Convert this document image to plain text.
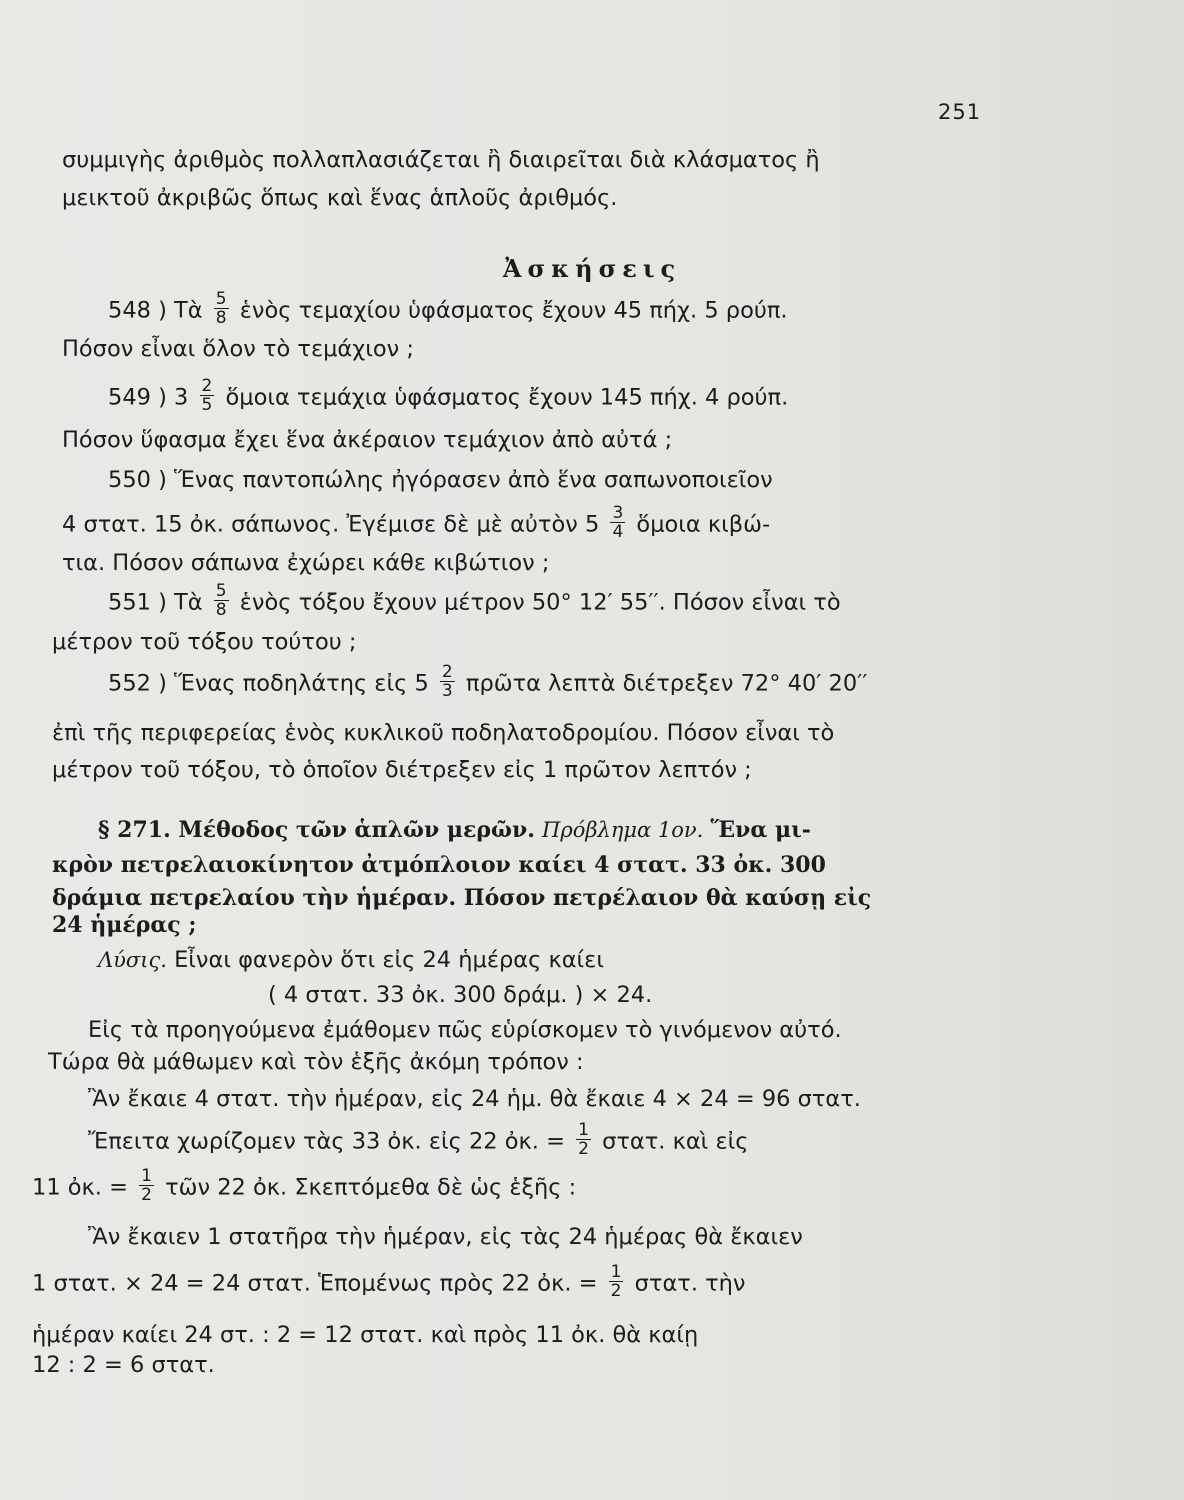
251
συμμιγὴς ἀριθμὸς πολλαπλασιάζεται ἢ διαιρεῖται διὰ κλάσματος ἢ
μεικτοῦ ἀκριβῶς ὅπως καὶ ἕνας ἁπλοῦς ἀριθμός.
Ἀσκήσεις
548 ) Τὰ $\frac{5}{8}$ ἑνὸς τεμαχίου ὑφάσματος ἔχουν 45 πήχ. 5 ρούπ.
Πόσον εἶναι ὅλον τὸ τεμάχιον ;
549 ) $3 \frac{2}{5}$ ὅμοια τεμάχια ὑφάσματος ἔχουν 145 πήχ. 4 ρούπ.
Πόσον ὕφασμα ἔχει ἕνα ἀκέραιον τεμάχιον ἀπὸ αὐτά ;
550 ) Ἕνας παντοπώλης ἠγόρασεν ἀπὸ ἕνα σαπωνοποιεῖον
4 στατ. 15 ὀκ. σάπωνος. Ἐγέμισε δὲ μὲ αὐτὸν $5 \frac{3}{4}$ ὅμοια κιβώ-
τια. Πόσον σάπωνα ἐχώρει κάθε κιβώτιον ;
551 ) Τὰ $\frac{5}{8}$ ἑνὸς τόξου ἔχουν μέτρον 50° 12′ 55′′. Πόσον εἶναι τὸ
μέτρον τοῦ τόξου τούτου ;
552 ) Ἕνας ποδηλάτης εἰς $5 \frac{2}{3}$ πρῶτα λεπτὰ διέτρεξεν 72° 40′ 20′′
ἐπὶ τῆς περιφερείας ἑνὸς κυκλικοῦ ποδηλατοδρομίου. Πόσον εἶναι τὸ
μέτρον τοῦ τόξου, τὸ ὁποῖον διέτρεξεν εἰς 1 πρῶτον λεπτόν ;
§ 271. Μέθοδος τῶν ἁπλῶν μερῶν. Πρόβλημα 1ον. Ἕνα μι-
κρὸν πετρελαιοκίνητον ἀτμόπλοιον καίει 4 στατ. 33 ὀκ. 300
δράμια πετρελαίου τὴν ἡμέραν. Πόσον πετρέλαιον θὰ καύσῃ εἰς
24 ἡμέρας ;
Λύσις. Εἶναι φανερὸν ὅτι εἰς 24 ἡμέρας καίει
( 4 στατ. 33 ὀκ. 300 δράμ. ) × 24.
Εἰς τὰ προηγούμενα ἐμάθομεν πῶς εὑρίσκομεν τὸ γινόμενον αὐτό.
Τώρα θὰ μάθωμεν καὶ τὸν ἑξῆς ἀκόμη τρόπον :
Ἂν ἔκαιε 4 στατ. τὴν ἡμέραν, εἰς 24 ἡμ. θὰ ἔκαιε 4 × 24 = 96 στατ.
Ἔπειτα χωρίζομεν τὰς 33 ὀκ. εἰς 22 ὀκ. = $\frac{1}{2} \sigma\tau\alpha\tau$. καὶ εἰς
11 ὀκ. = $\frac{1}{2}$ τῶν 22 ὀκ. Σκεπτόμεθα δὲ ὡς ἑξῆς :
Ἂν ἔκαιεν 1 στατῆρα τὴν ἡμέραν, εἰς τὰς 24 ἡμέρας θὰ ἔκαιεν
1 στατ. × 24 = 24 στατ. Ἑπομένως πρὸς 22 ὀκ. = $\frac{1}{2} \sigma\tau\alpha\tau$. τὴν
ἡμέραν καίει 24 στ. : 2 = 12 στατ. καὶ πρὸς 11 ὀκ. θὰ καίῃ
12 : 2 = 6 στατ.
